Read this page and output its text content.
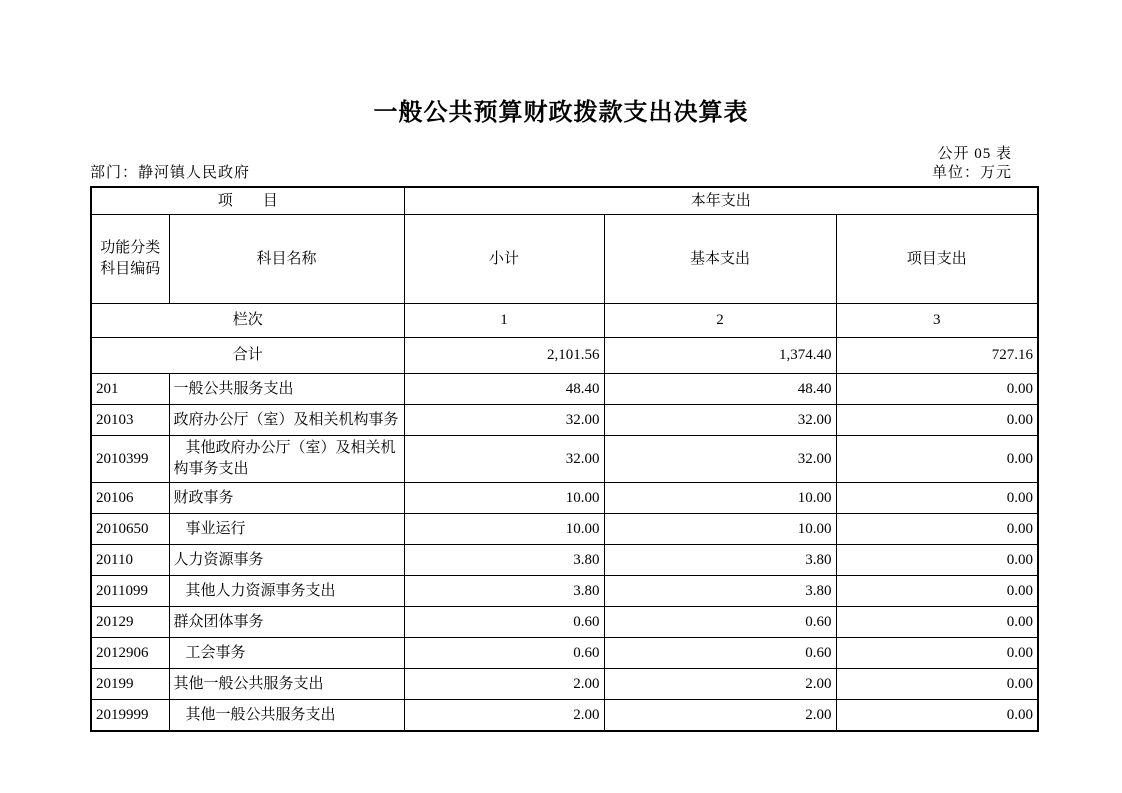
一般公共预算财政拨款支出决算表
公开 05 表
部门：静河镇人民政府	单位：万元
项　　目		本年支出		
功能分类
科目编码	科目名称	小计	基本支出	项目支出
栏次		1	2	3
合计		2,101.56	1,374.40	727.16
201	一般公共服务支出	48.40	48.40	0.00
20103	政府办公厅（室）及相关机构事务	32.00	32.00	0.00
2010399	其他政府办公厅（室）及相关机构事务支出	32.00	32.00	0.00
20106	财政事务	10.00	10.00	0.00
2010650	事业运行	10.00	10.00	0.00
20110	人力资源事务	3.80	3.80	0.00
2011099	其他人力资源事务支出	3.80	3.80	0.00
20129	群众团体事务	0.60	0.60	0.00
2012906	工会事务	0.60	0.60	0.00
20199	其他一般公共服务支出	2.00	2.00	0.00
2019999	其他一般公共服务支出	2.00	2.00	0.00
